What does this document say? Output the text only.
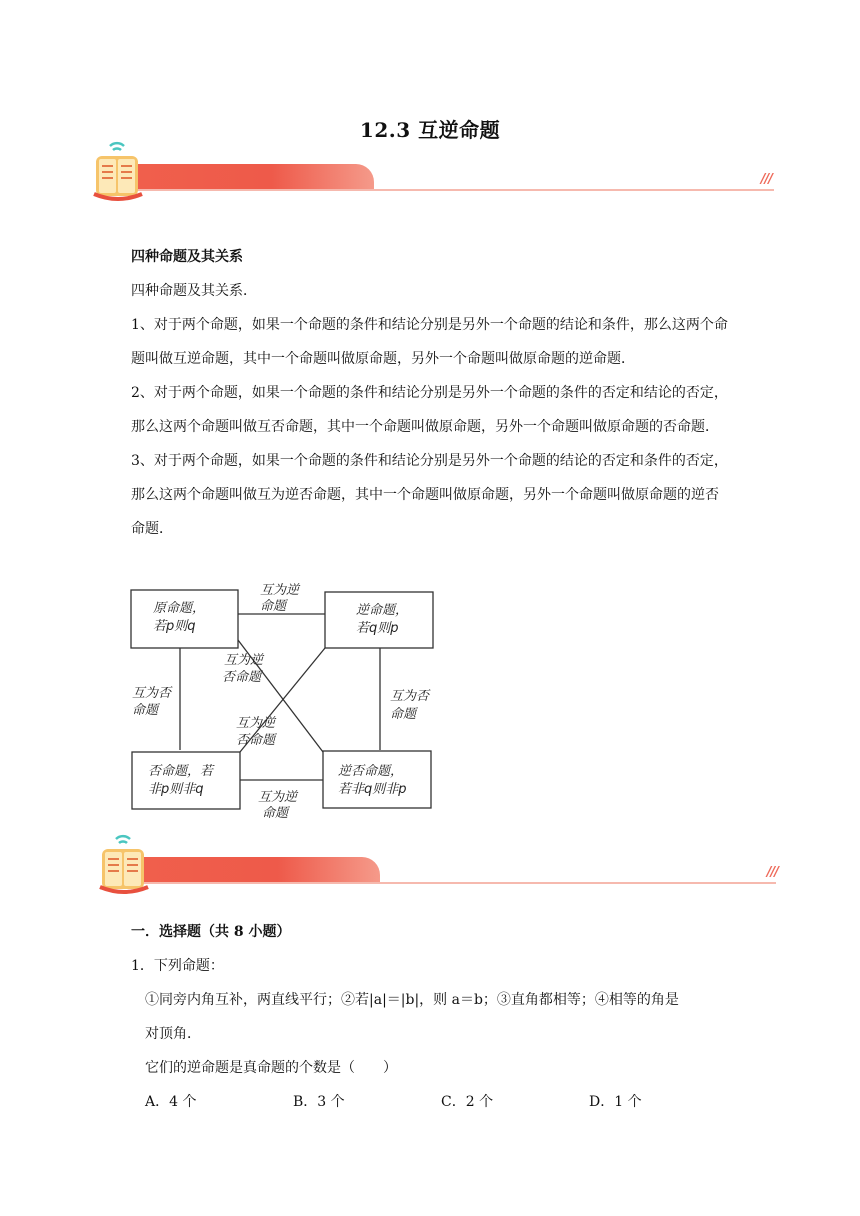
12.3 互逆命题
///
四种命题及其关系
四种命题及其关系．
1、对于两个命题，如果一个命题的条件和结论分别是另外一个命题的结论和条件，那么这两个命题叫做互逆命题，其中一个命题叫做原命题，另外一个命题叫做原命题的逆命题．
2、对于两个命题，如果一个命题的条件和结论分别是另外一个命题的条件的否定和结论的否定，那么这两个命题叫做互否命题，其中一个命题叫做原命题，另外一个命题叫做原命题的否命题．
3、对于两个命题，如果一个命题的条件和结论分别是另外一个命题的结论的否定和条件的否定，那么这两个命题叫做互为逆否命题，其中一个命题叫做原命题，另外一个命题叫做原命题的逆否命题．
原命题，
若p则q
逆命题，
若q则p
否命题，若
非p则非q
逆否命题，
若非q则非p
互为逆
命题
互为逆
命题
互为否
命题
互为否
命题
互为逆
否命题
互为逆
否命题
///
一．选择题（共 8 小题）
1．下列命题：
①同旁内角互补，两直线平行；②若|a|＝|b|，则 a＝b；③直角都相等；④相等的角是
对顶角．
它们的逆命题是真命题的个数是（　　）
A．4 个	B．3 个	C．2 个	D．1 个
